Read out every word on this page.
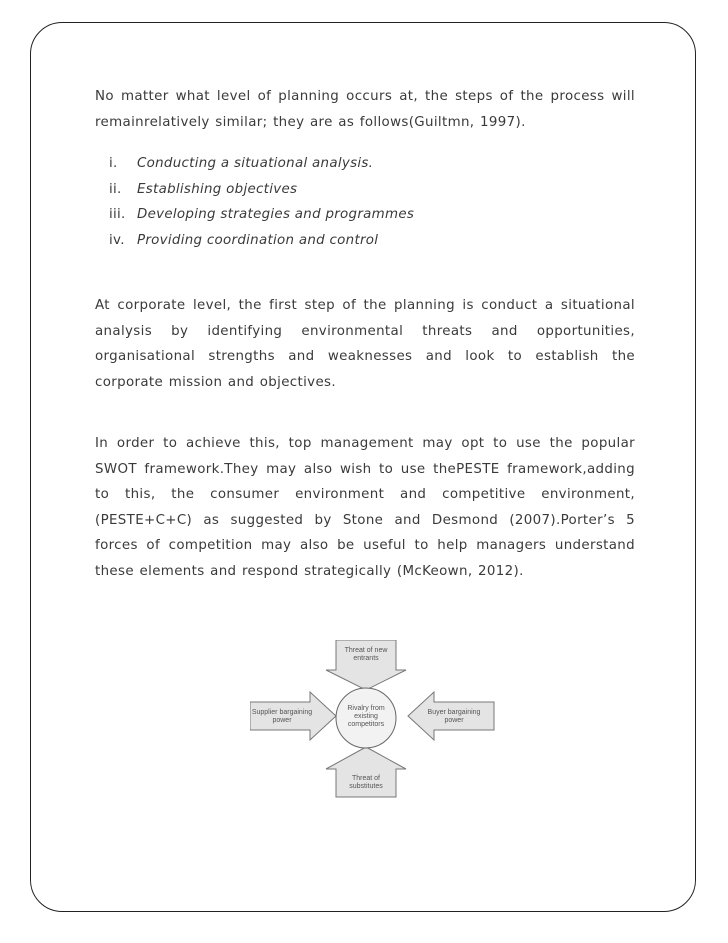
No matter what level of planning occurs at, the steps of the process will
remainrelatively similar; they are as follows(Guiltmn, 1997).

i.	Conducting a situational analysis.
ii.	Establishing objectives
iii. Developing strategies and programmes
iv. Providing coordination and control

At corporate level, the first step of the planning is conduct a situational
analysis by identifying environmental threats and opportunities,
organisational strengths and weaknesses and look to establish the
corporate mission and objectives.

In order to achieve this, top management may opt to use the popular
SWOT framework.They may also wish to use thePESTE framework,adding
to this, the consumer environment and competitive environment,
(PESTE+C+C) as suggested by Stone and Desmond (2007).Porter’s 5
forces of competition may also be useful to help managers understand
these elements and respond strategically (McKeown, 2012).

Threat of new
entrants
Supplier bargaining
power
Rivalry from
existing
competitors
Buyer bargaining
power
Threat of
substitutes
